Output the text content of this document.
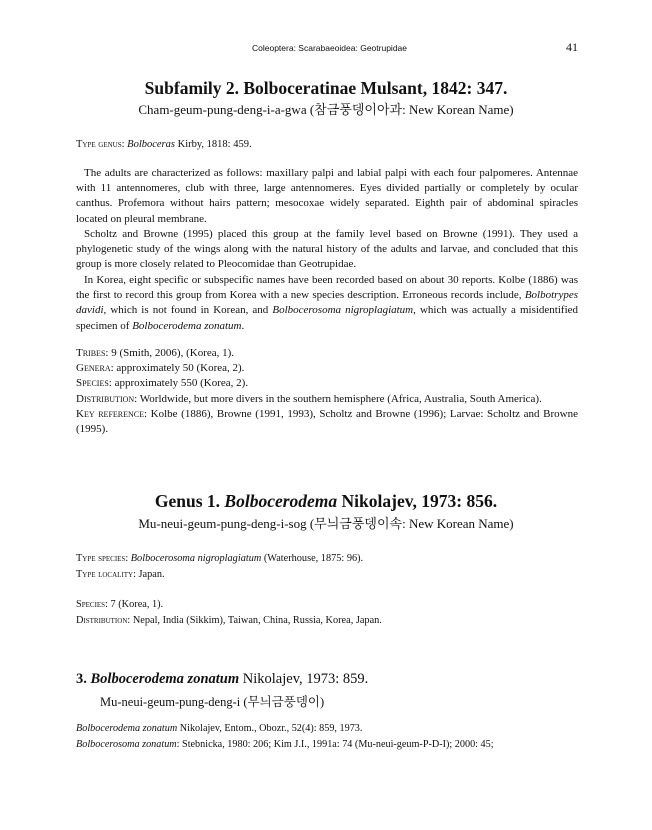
Coleoptera: Scarabaeoidea: Geotrupidae	41
Subfamily 2. Bolboceratinae Mulsant, 1842: 347.
Cham-geum-pung-deng-i-a-gwa (참금풍뎅이아과: New Korean Name)
Type genus: Bolboceras Kirby, 1818: 459.
The adults are characterized as follows: maxillary palpi and labial palpi with each four palpomeres. Antennae with 11 antennomeres, club with three, large antennomeres. Eyes divided partially or completely by ocular canthus. Profemora without hairs pattern; mesocoxae widely separated. Eighth pair of abdominal spiracles located on pleural membrane.
Scholtz and Browne (1995) placed this group at the family level based on Browne (1991). They used a phylogenetic study of the wings along with the natural history of the adults and larvae, and concluded that this group is more closely related to Pleocomidae than Geotrupidae.
In Korea, eight specific or subspecific names have been recorded based on about 30 reports. Kolbe (1886) was the first to record this group from Korea with a new species description. Erroneous records include, Bolbotrypes davidi, which is not found in Korean, and Bolbocerosoma nigroplagiatum, which was actually a misidentified specimen of Bolbocerodema zonatum.
Tribes: 9 (Smith, 2006), (Korea, 1).
Genera: approximately 50 (Korea, 2).
Species: approximately 550 (Korea, 2).
Distribution: Worldwide, but more divers in the southern hemisphere (Africa, Australia, South America).
Key reference: Kolbe (1886), Browne (1991, 1993), Scholtz and Browne (1996); Larvae: Scholtz and Browne (1995).
Genus 1. Bolbocerodema Nikolajev, 1973: 856.
Mu-neui-geum-pung-deng-i-sog (무늬금풍뎅이속: New Korean Name)
Type species: Bolbocerosoma nigroplagiatum (Waterhouse, 1875: 96).
Type locality: Japan.
Species: 7 (Korea, 1).
Distribution: Nepal, India (Sikkim), Taiwan, China, Russia, Korea, Japan.
3. Bolbocerodema zonatum Nikolajev, 1973: 859.
Mu-neui-geum-pung-deng-i (무늬금풍뎅이)
Bolbocerodema zonatum Nikolajev, Entom., Obozr., 52(4): 859, 1973.
Bolbocerosoma zonatum: Stebnicka, 1980: 206; Kim J.I., 1991a: 74 (Mu-neui-geum-P-D-I); 2000: 45;
